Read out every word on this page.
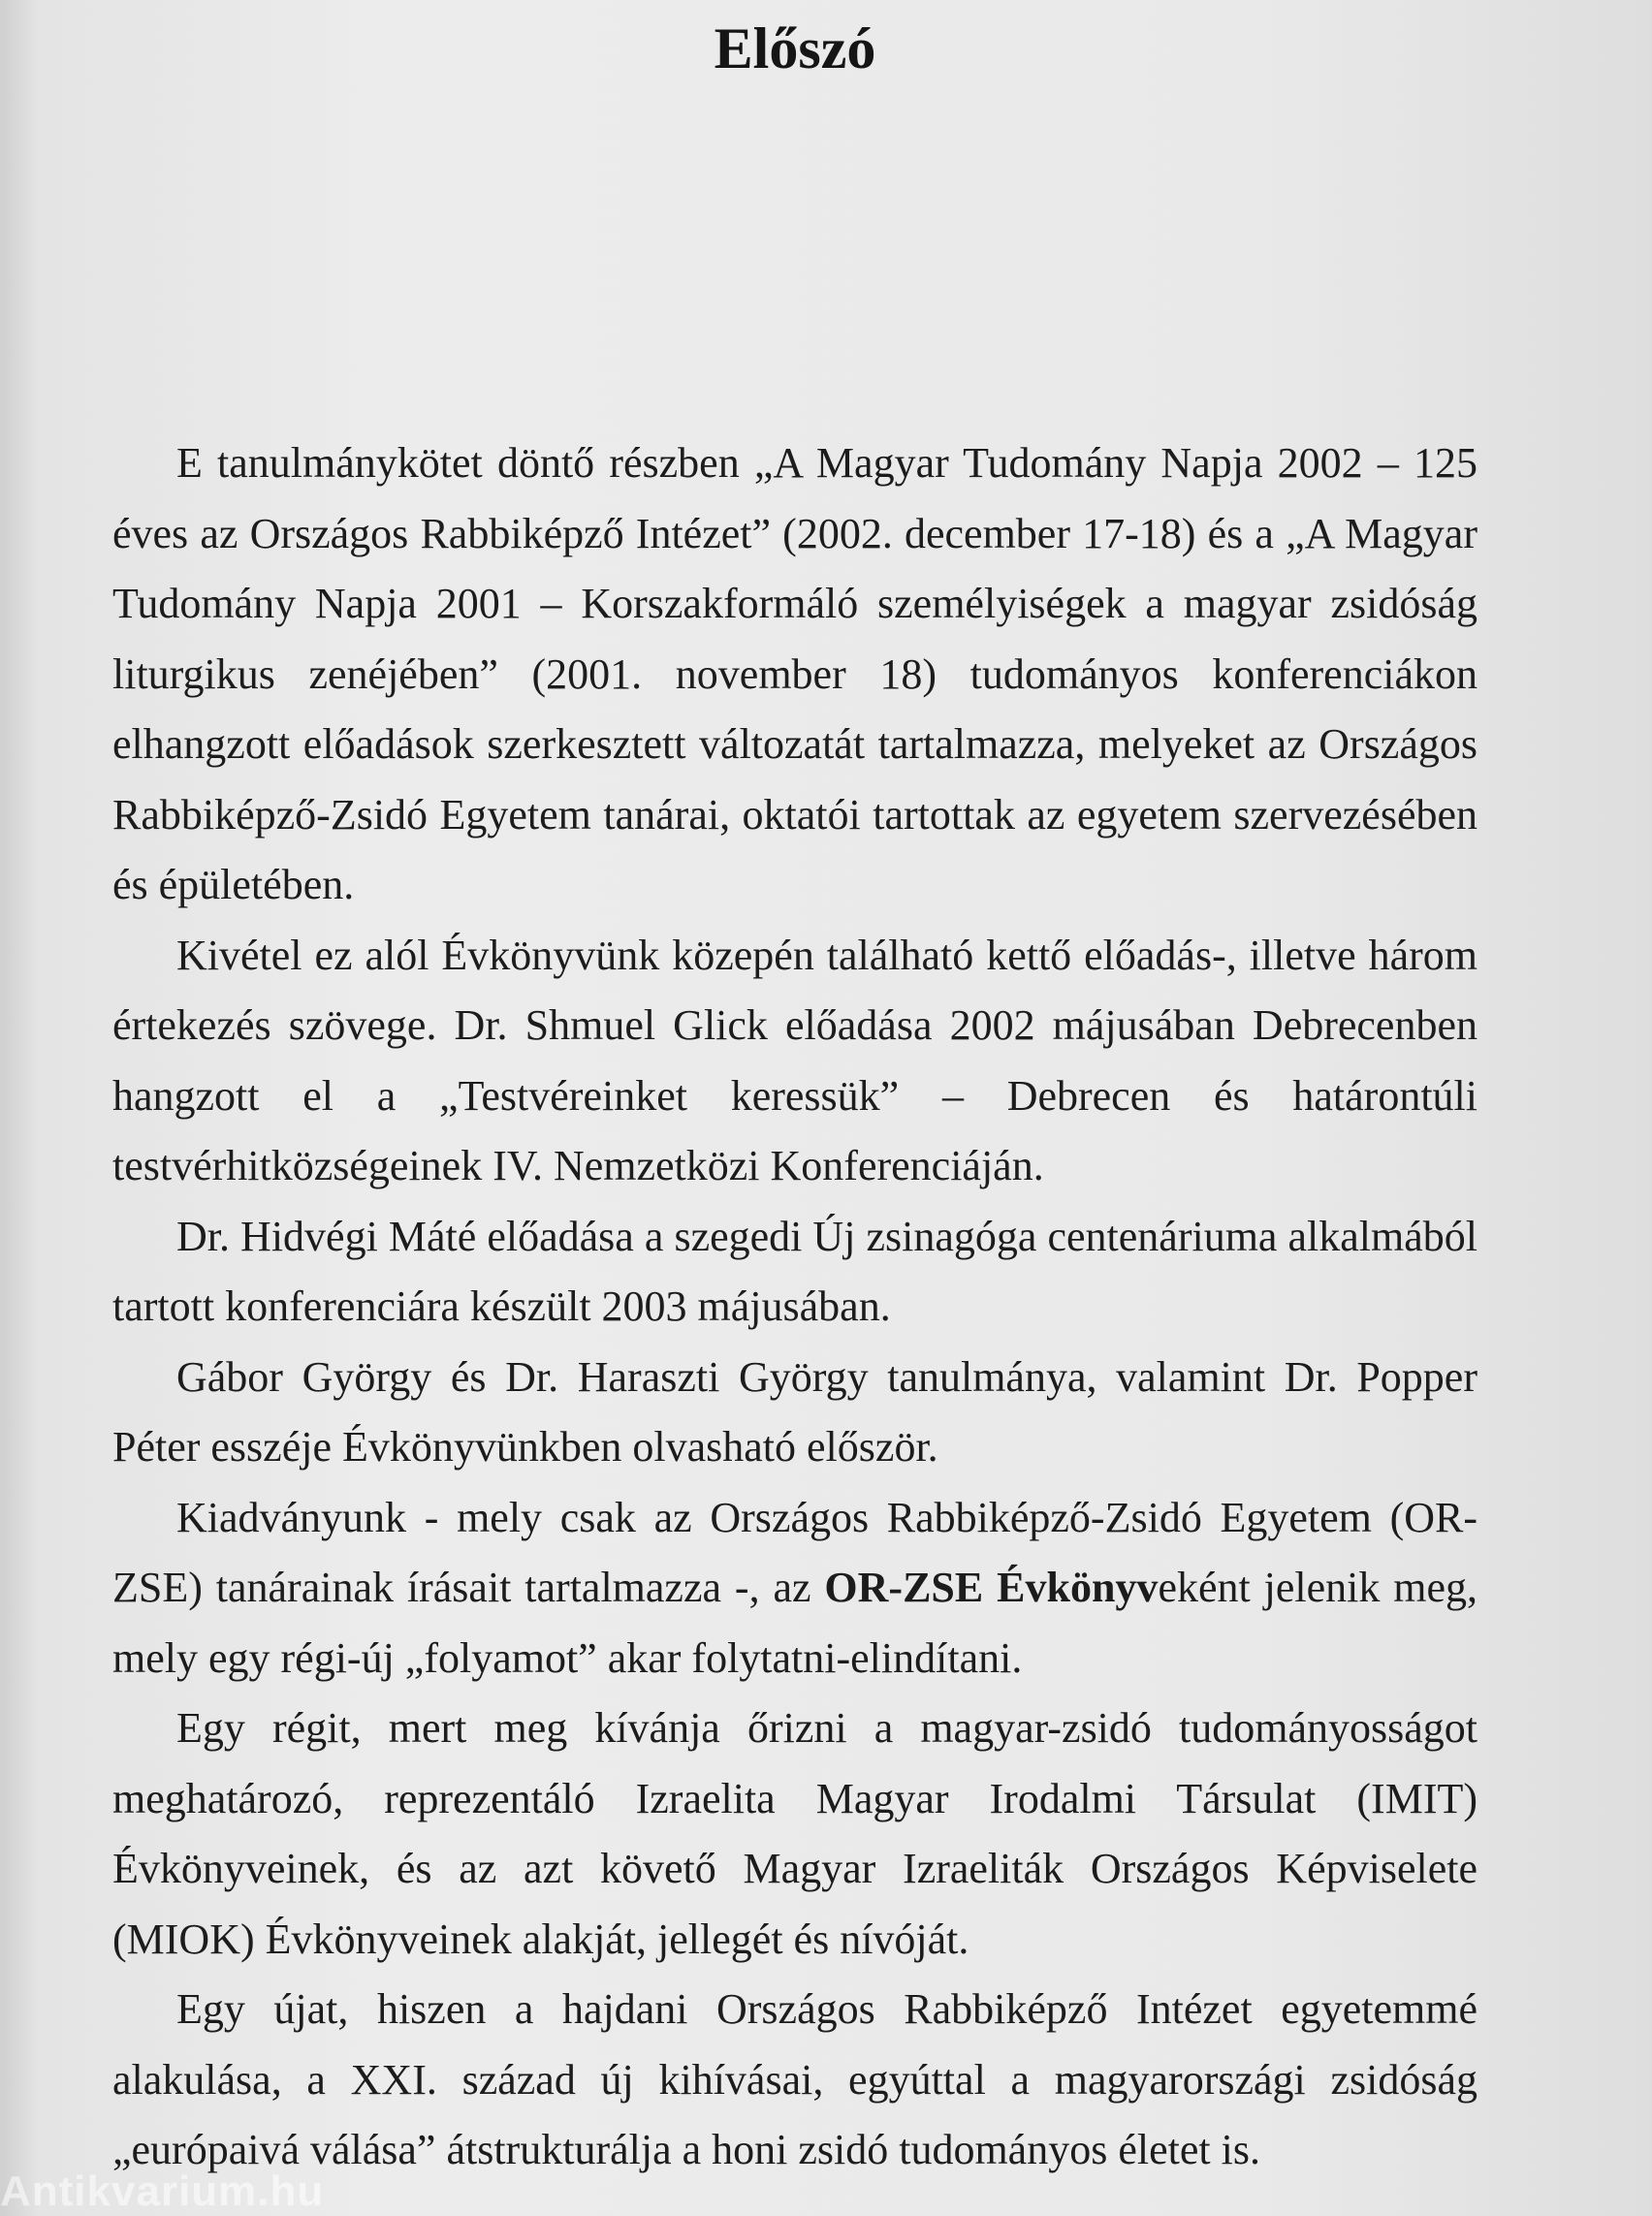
Előszó

E tanulmánykötet döntő részben „A Magyar Tudomány Napja 2002 – 125 éves az Országos Rabbiképző Intézet” (2002. december 17-18) és a „A Magyar Tudomány Napja 2001 – Korszakformáló személyiségek a magyar zsidóság liturgikus zenéjében” (2001. november 18) tudományos konferenciákon elhangzott előadások szerkesztett változatát tartalmazza, melyeket az Országos Rabbiképző-Zsidó Egyetem tanárai, oktatói tartottak az egyetem szervezésében és épületében.

Kivétel ez alól Évkönyvünk közepén található kettő előadás-, illetve három értekezés szövege. Dr. Shmuel Glick előadása 2002 májusában Debrecenben hangzott el a „Testvéreinket keressük” – Debrecen és határontúli testvérhitközségeinek IV. Nemzetközi Konferenciáján.

Dr. Hidvégi Máté előadása a szegedi Új zsinagóga centenáriuma alkalmából tartott konferenciára készült 2003 májusában.

Gábor György és Dr. Haraszti György tanulmánya, valamint Dr. Popper Péter esszéje Évkönyvünkben olvasható először.

Kiadványunk - mely csak az Országos Rabbiképző-Zsidó Egyetem (OR-ZSE) tanárainak írásait tartalmazza -, az OR-ZSE Évkönyveként jelenik meg, mely egy régi-új „folyamot” akar folytatni-elindítani.

Egy régit, mert meg kívánja őrizni a magyar-zsidó tudományosságot meghatározó, reprezentáló Izraelita Magyar Irodalmi Társulat (IMIT) Évkönyveinek, és az azt követő Magyar Izraeliták Országos Képviselete (MIOK) Évkönyveinek alakját, jellegét és nívóját.

Egy újat, hiszen a hajdani Országos Rabbiképző Intézet egyetemmé alakulása, a XXI. század új kihívásai, egyúttal a magyarországi zsidóság „európaivá válása” átstrukturálja a honi zsidó tudományos életet is.

Antikvarium.hu
